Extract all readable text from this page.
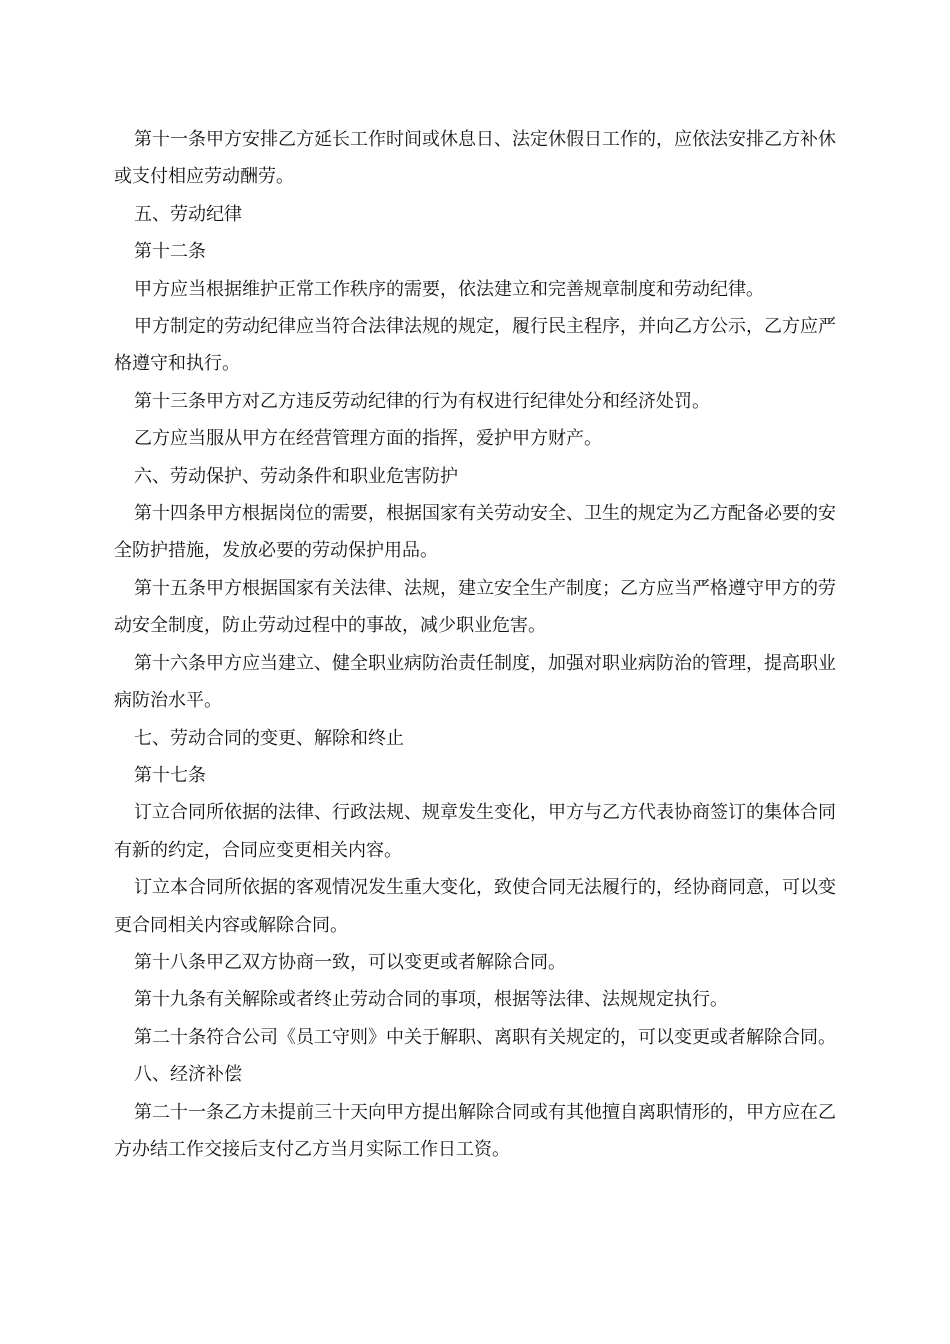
第十一条甲方安排乙方延长工作时间或休息日、法定休假日工作的，应依法安排乙方补休或支付相应劳动酬劳。

五、劳动纪律

第十二条

甲方应当根据维护正常工作秩序的需要，依法建立和完善规章制度和劳动纪律。

甲方制定的劳动纪律应当符合法律法规的规定，履行民主程序，并向乙方公示，乙方应严格遵守和执行。

第十三条甲方对乙方违反劳动纪律的行为有权进行纪律处分和经济处罚。

乙方应当服从甲方在经营管理方面的指挥，爱护甲方财产。

六、劳动保护、劳动条件和职业危害防护

第十四条甲方根据岗位的需要，根据国家有关劳动安全、卫生的规定为乙方配备必要的安全防护措施，发放必要的劳动保护用品。

第十五条甲方根据国家有关法律、法规，建立安全生产制度；乙方应当严格遵守甲方的劳动安全制度，防止劳动过程中的事故，减少职业危害。

第十六条甲方应当建立、健全职业病防治责任制度，加强对职业病防治的管理，提高职业病防治水平。

七、劳动合同的变更、解除和终止

第十七条

订立合同所依据的法律、行政法规、规章发生变化，甲方与乙方代表协商签订的集体合同有新的约定，合同应变更相关内容。

订立本合同所依据的客观情况发生重大变化，致使合同无法履行的，经协商同意，可以变更合同相关内容或解除合同。

第十八条甲乙双方协商一致，可以变更或者解除合同。

第十九条有关解除或者终止劳动合同的事项，根据等法律、法规规定执行。

第二十条符合公司《员工守则》中关于解职、离职有关规定的，可以变更或者解除合同。

八、经济补偿

第二十一条乙方未提前三十天向甲方提出解除合同或有其他擅自离职情形的，甲方应在乙方办结工作交接后支付乙方当月实际工作日工资。
